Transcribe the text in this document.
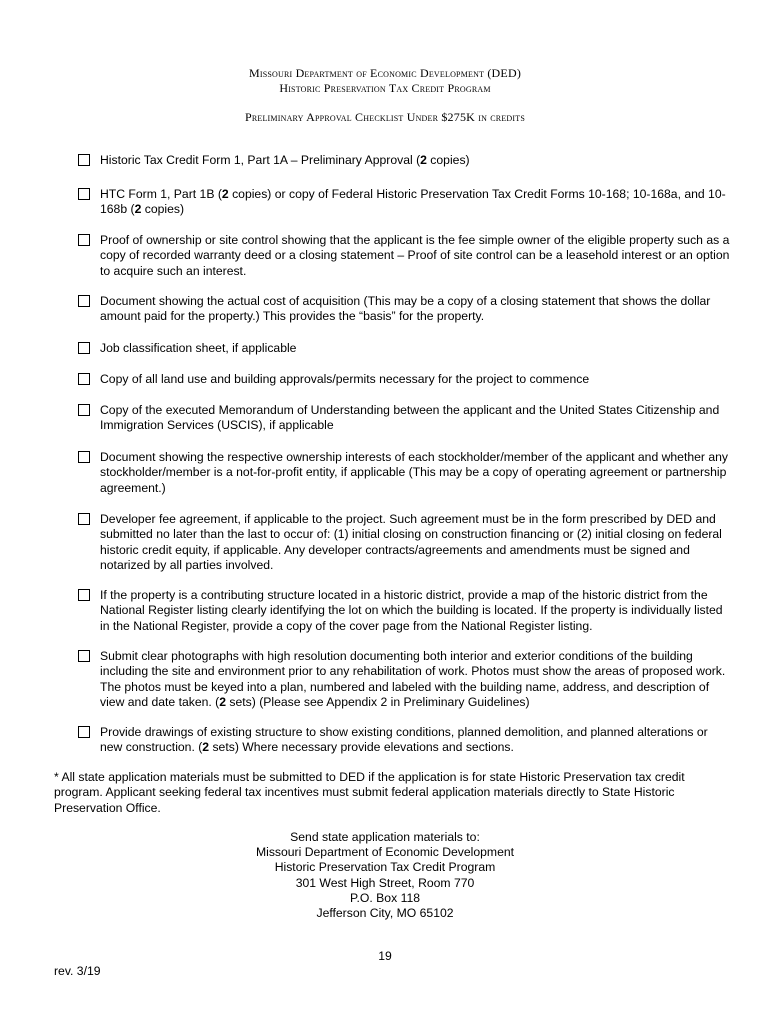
Missouri Department of Economic Development (DED)
Historic Preservation Tax Credit Program
Preliminary Approval Checklist Under $275K in credits
Historic Tax Credit Form 1, Part 1A – Preliminary Approval (2 copies)
HTC Form 1, Part 1B (2 copies) or copy of Federal Historic Preservation Tax Credit Forms 10-168; 10-168a, and 10-168b (2 copies)
Proof of ownership or site control showing that the applicant is the fee simple owner of the eligible property such as a copy of recorded warranty deed or a closing statement – Proof of site control can be a leasehold interest or an option to acquire such an interest.
Document showing the actual cost of acquisition (This may be a copy of a closing statement that shows the dollar amount paid for the property.) This provides the “basis” for the property.
Job classification sheet, if applicable
Copy of all land use and building approvals/permits necessary for the project to commence
Copy of the executed Memorandum of Understanding between the applicant and the United States Citizenship and Immigration Services (USCIS), if applicable
Document showing the respective ownership interests of each stockholder/member of the applicant and whether any stockholder/member is a not-for-profit entity, if applicable (This may be a copy of operating agreement or partnership agreement.)
Developer fee agreement, if applicable to the project. Such agreement must be in the form prescribed by DED and submitted no later than the last to occur of: (1) initial closing on construction financing or (2) initial closing on federal historic credit equity, if applicable. Any developer contracts/agreements and amendments must be signed and notarized by all parties involved.
If the property is a contributing structure located in a historic district, provide a map of the historic district from the National Register listing clearly identifying the lot on which the building is located. If the property is individually listed in the National Register, provide a copy of the cover page from the National Register listing.
Submit clear photographs with high resolution documenting both interior and exterior conditions of the building including the site and environment prior to any rehabilitation of work. Photos must show the areas of proposed work. The photos must be keyed into a plan, numbered and labeled with the building name, address, and description of view and date taken. (2 sets) (Please see Appendix 2 in Preliminary Guidelines)
Provide drawings of existing structure to show existing conditions, planned demolition, and planned alterations or new construction. (2 sets) Where necessary provide elevations and sections.
* All state application materials must be submitted to DED if the application is for state Historic Preservation tax credit program. Applicant seeking federal tax incentives must submit federal application materials directly to State Historic Preservation Office.
Send state application materials to:
Missouri Department of Economic Development
Historic Preservation Tax Credit Program
301 West High Street, Room 770
P.O. Box 118
Jefferson City, MO 65102
19
rev. 3/19
